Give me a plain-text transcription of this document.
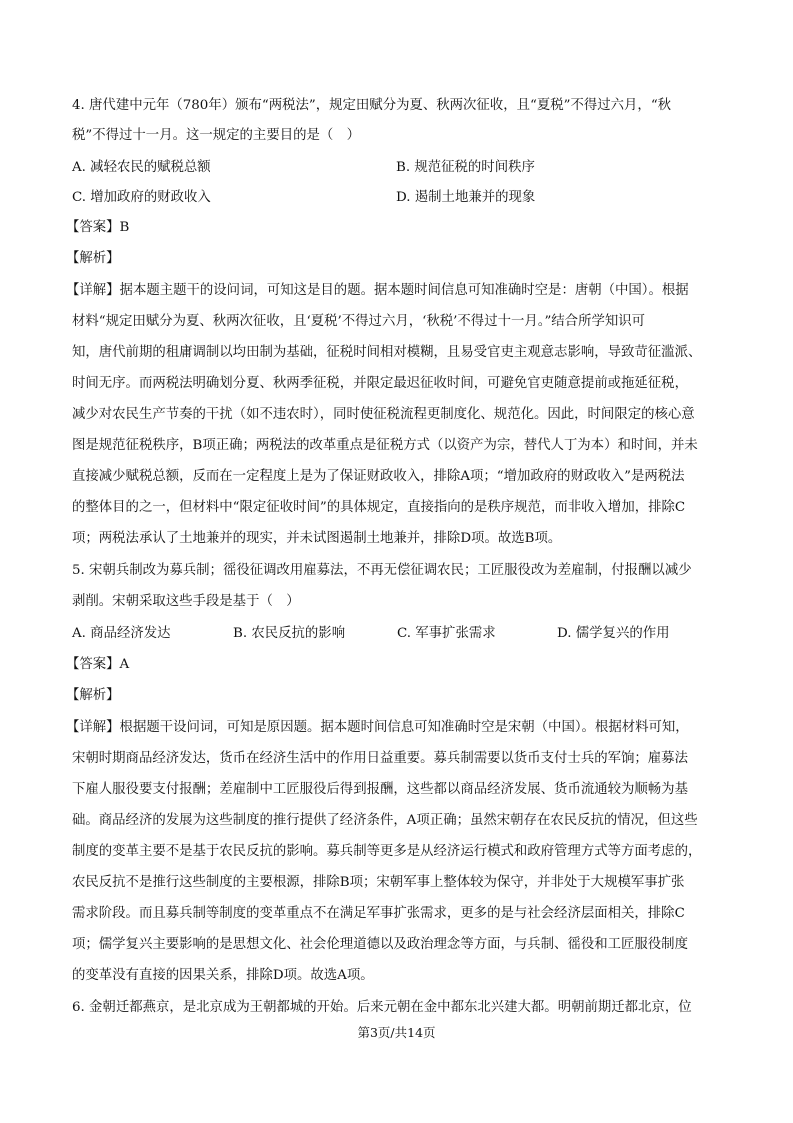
4. 唐代建中元年（780年）颁布“两税法”，规定田赋分为夏、秋两次征收，且“夏税”不得过六月，“秋
税”不得过十一月。这一规定的主要目的是（　）
A. 减轻农民的赋税总额	B. 规范征税的时间秩序
C. 增加政府的财政收入	D. 遏制土地兼并的现象
【答案】B
【解析】
【详解】据本题主题干的设问词，可知这是目的题。据本题时间信息可知准确时空是：唐朝（中国）。根据
材料“规定田赋分为夏、秋两次征收，且‘夏税’不得过六月，‘秋税’不得过十一月。”结合所学知识可
知，唐代前期的租庸调制以均田制为基础，征税时间相对模糊，且易受官吏主观意志影响，导致苛征滥派、
时间无序。而两税法明确划分夏、秋两季征税，并限定最迟征收时间，可避免官吏随意提前或拖延征税，
减少对农民生产节奏的干扰（如不违农时），同时使征税流程更制度化、规范化。因此，时间限定的核心意
图是规范征税秩序，B项正确；两税法的改革重点是征税方式（以资产为宗，替代人丁为本）和时间，并未
直接减少赋税总额，反而在一定程度上是为了保证财政收入，排除A项；“增加政府的财政收入”是两税法
的整体目的之一，但材料中“限定征收时间”的具体规定，直接指向的是秩序规范，而非收入增加，排除C
项；两税法承认了土地兼并的现实，并未试图遏制土地兼并，排除D项。故选B项。
5. 宋朝兵制改为募兵制；徭役征调改用雇募法，不再无偿征调农民；工匠服役改为差雇制，付报酬以减少
剥削。宋朝采取这些手段是基于（　）
A. 商品经济发达	B. 农民反抗的影响	C. 军事扩张需求	D. 儒学复兴的作用
【答案】A
【解析】
【详解】根据题干设问词，可知是原因题。据本题时间信息可知准确时空是宋朝（中国）。根据材料可知，
宋朝时期商品经济发达，货币在经济生活中的作用日益重要。募兵制需要以货币支付士兵的军饷；雇募法
下雇人服役要支付报酬；差雇制中工匠服役后得到报酬，这些都以商品经济发展、货币流通较为顺畅为基
础。商品经济的发展为这些制度的推行提供了经济条件，A项正确；虽然宋朝存在农民反抗的情况，但这些
制度的变革主要不是基于农民反抗的影响。募兵制等更多是从经济运行模式和政府管理方式等方面考虑的，
农民反抗不是推行这些制度的主要根源，排除B项；宋朝军事上整体较为保守，并非处于大规模军事扩张
需求阶段。而且募兵制等制度的变革重点不在满足军事扩张需求，更多的是与社会经济层面相关，排除C
项；儒学复兴主要影响的是思想文化、社会伦理道德以及政治理念等方面，与兵制、徭役和工匠服役制度
的变革没有直接的因果关系，排除D项。故选A项。
6. 金朝迁都燕京，是北京成为王朝都城的开始。后来元朝在金中都东北兴建大都。明朝前期迁都北京，位
第3页/共14页
